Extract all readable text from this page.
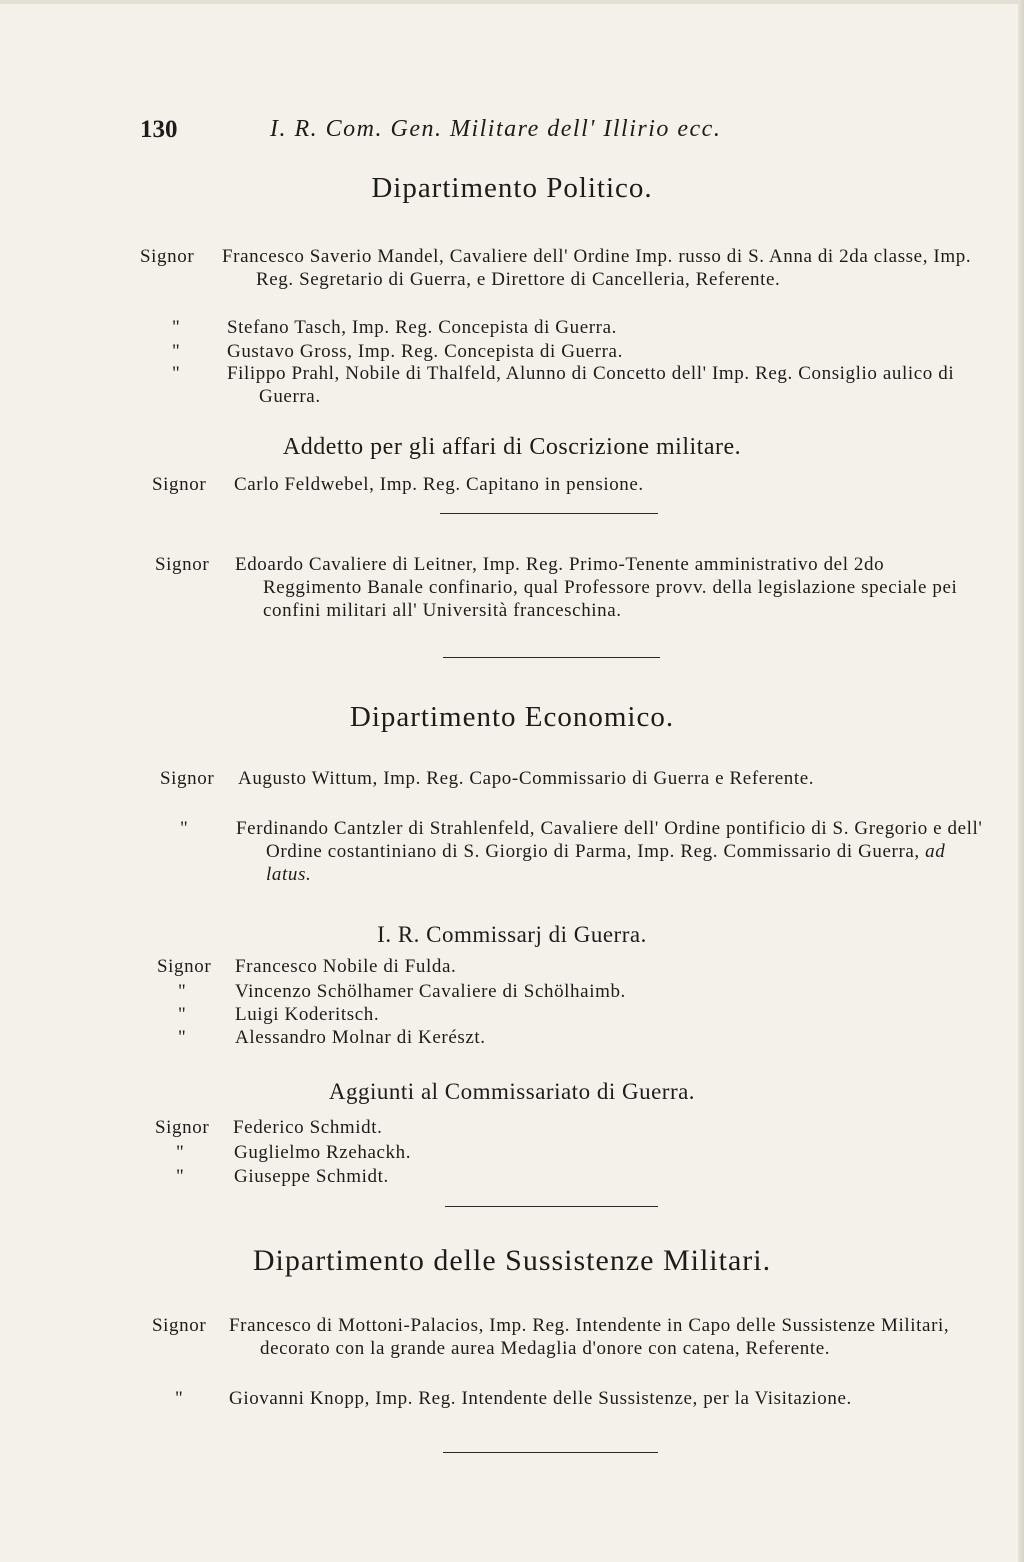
130	I. R. Com. Gen. Militare dell' Illirio ecc.
Dipartimento Politico.
Signor Francesco Saverio Mandel, Cavaliere dell' Ordine Imp. russo di S. Anna di 2da classe, Imp. Reg. Segretario di Guerra, e Direttore di Cancelleria, Referente.
" Stefano Tasch, Imp. Reg. Concepista di Guerra.
" Gustavo Gross, Imp. Reg. Concepista di Guerra.
" Filippo Prahl, Nobile di Thalfeld, Alunno di Concetto dell' Imp. Reg. Consiglio aulico di Guerra.
Addetto per gli affari di Coscrizione militare.
Signor Carlo Feldwebel, Imp. Reg. Capitano in pensione.
Signor Edoardo Cavaliere di Leitner, Imp. Reg. Primo-Tenente amministrativo del 2do Reggimento Banale confinario, qual Professore provv. della legislazione speciale pei confini militari all' Università franceschina.
Dipartimento Economico.
Signor Augusto Wittum, Imp. Reg. Capo-Commissario di Guerra e Referente.
"	Ferdinando Cantzler di Strahlenfeld, Cavaliere dell' Ordine pontificio di S. Gregorio e dell' Ordine costantiniano di S. Giorgio di Parma, Imp. Reg. Commissario di Guerra, ad latus.
I. R. Commissarj di Guerra.
Signor Francesco Nobile di Fulda.
"	Vincenzo Schölhamer Cavaliere di Schölhaimb.
"	Luigi Koderitsch.
"	Alessandro Molnar di Kerészt.
Aggiunti al Commissariato di Guerra.
Signor Federico Schmidt.
"	Guglielmo Rzehackh.
"	Giuseppe Schmidt.
Dipartimento delle Sussistenze Militari.
Signor Francesco di Mottoni-Palacios, Imp. Reg. Intendente in Capo delle Sussistenze Militari, decorato con la grande aurea Medaglia d'onore con catena, Referente.
" Giovanni Knopp, Imp. Reg. Intendente delle Sussistenze, per la Visitazione.
